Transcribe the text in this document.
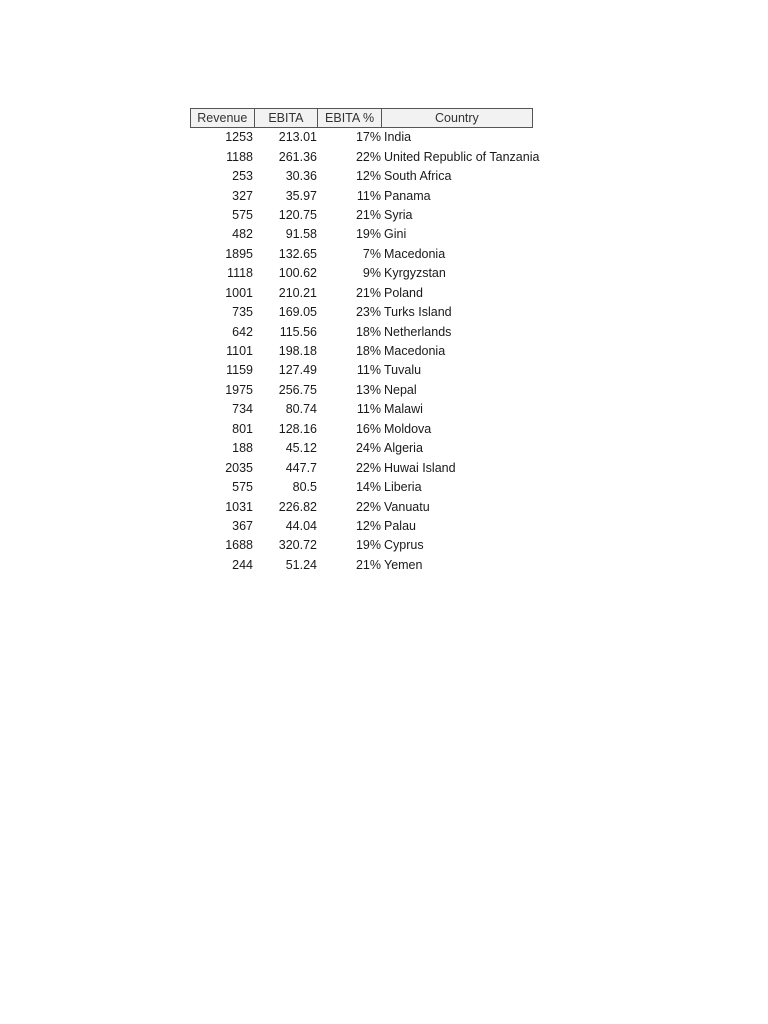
Revenue	EBITA	EBITA %	Country
1253	213.01	17% India
1188	261.36	22% United Republic of Tanzania
253	30.36	12% South Africa
327	35.97	11% Panama
575	120.75	21% Syria
482	91.58	19% Gini
1895	132.65	7% Macedonia
1118	100.62	9% Kyrgyzstan
1001	210.21	21% Poland
735	169.05	23% Turks Island
642	115.56	18% Netherlands
1101	198.18	18% Macedonia
1159	127.49	11% Tuvalu
1975	256.75	13% Nepal
734	80.74	11% Malawi
801	128.16	16% Moldova
188	45.12	24% Algeria
2035	447.7	22% Huwai Island
575	80.5	14% Liberia
1031	226.82	22% Vanuatu
367	44.04	12% Palau
1688	320.72	19% Cyprus
244	51.24	21% Yemen
